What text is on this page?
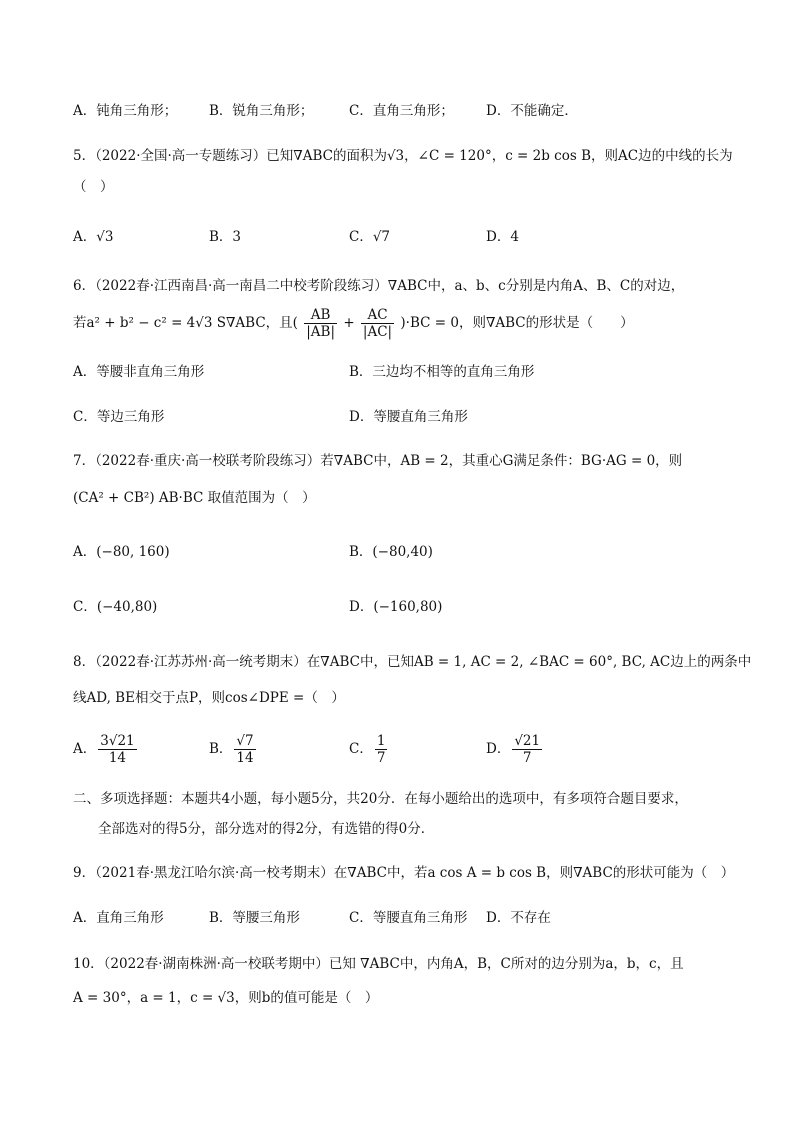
A．钝角三角形； B．锐角三角形；	C．直角三角形； D．不能确定．
5．（2022·全国·高一专题练习）已知∇ABC的面积为√3，∠C = 120°，c = 2b cos B，则AC边的中线的长为
（　）
A．√3	B．3	C．√7	D．4
6．（2022春·江西南昌·高一南昌二中校考阶段练习）∇ABC中，a、b、c分别是内角A、B、C的对边，
若a² + b² − c² = 4√3 S∇ABC，且( $\frac{AB}{|AB|} + \frac{AC}{|AC|} )\cdot BC = 0$，则∇ABC的形状是（　　）
A．等腰非直角三角形	B．三边均不相等的直角三角形
C．等边三角形	D．等腰直角三角形
7．（2022春·重庆·高一校联考阶段练习）若∇ABC中，AB = 2，其重心G满足条件：BG·AG = 0，则
(CA² + CB²) AB·BC 取值范围为（　）
A．(−80, 160)	B．(−80,40)
C．(−40,80)	D．(−160,80)
8．（2022春·江苏苏州·高一统考期末）在∇ABC中，已知AB = 1, AC = 2, ∠BAC = 60°, BC, AC边上的两条中
线AD, BE相交于点P，则cos∠DPE =（　）
A． $\frac{3√21}{14}$	B． $\frac{√7}{14}$	C． $\frac{1}{7}$	D． $\frac{√21}{7}$
二、多项选择题：本题共4小题，每小题5分，共20分．在每小题给出的选项中，有多项符合题目要求，
全部选对的得5分，部分选对的得2分，有选错的得0分．
9．（2021春·黑龙江哈尔滨·高一校考期末）在∇ABC中，若a cos A = b cos B，则∇ABC的形状可能为（　）
A．直角三角形	B．等腰三角形	C．等腰直角三角形 D．不存在
10．（2022春·湖南株洲·高一校联考期中）已知 ∇ABC中，内角A，B，C所对的边分别为a，b，c，且
A = 30°，a = 1，c = √3，则b的值可能是（　）
